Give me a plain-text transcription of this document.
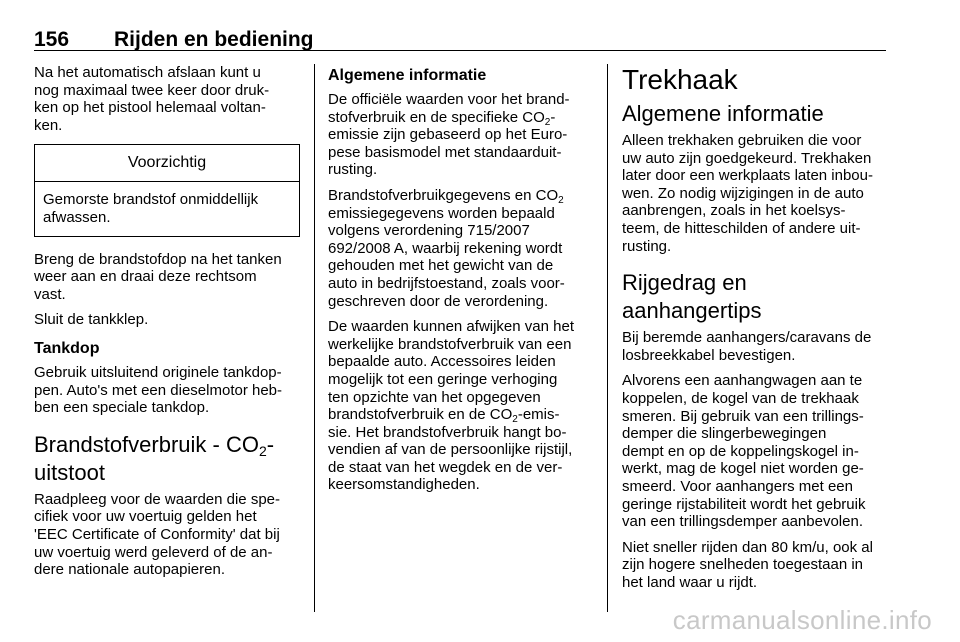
156 Rijden en bediening

Na het automatisch afslaan kunt u
nog maximaal twee keer door druk-
ken op het pistool helemaal voltan-
ken.

Voorzichtig
Gemorste brandstof onmiddellijk
afwassen.

Breng de brandstofdop na het tanken
weer aan en draai deze rechtsom
vast.

Sluit de tankklep.

Tankdop

Gebruik uitsluitend originele tankdop-
pen. Auto's met een dieselmotor heb-
ben een speciale tankdop.

Brandstofverbruik - $CO_2-$
uitstoot

Raadpleeg voor de waarden die spe-
cifiek voor uw voertuig gelden het
'EEC Certificate of Conformity' dat bij
uw voertuig werd geleverd of de an-
dere nationale autopapieren.

Algemene informatie

De officiële waarden voor het brand-
stofverbruik en de specifieke $CO_2-$
emissie zijn gebaseerd op het Euro-
pese basismodel met standaarduit-
rusting.

Brandstofverbruikgegevens en $CO_2$
emissiegegevens worden bepaald
volgens verordening 715/2007
692/2008 A, waarbij rekening wordt
gehouden met het gewicht van de
auto in bedrijfstoestand, zoals voor-
geschreven door de verordening.

De waarden kunnen afwijken van het
werkelijke brandstofverbruik van een
bepaalde auto. Accessoires leiden
mogelijk tot een geringe verhoging
ten opzichte van het opgegeven
brandstofverbruik en de $CO_2-emis-$
sie. Het brandstofverbruik hangt bo-
vendien af van de persoonlijke rijstijl,
de staat van het wegdek en de ver-
keersomstandigheden.

Trekhaak
Algemene informatie

Alleen trekhaken gebruiken die voor
uw auto zijn goedgekeurd. Trekhaken
later door een werkplaats laten inbou-
wen. Zo nodig wijzigingen in de auto
aanbrengen, zoals in het koelsys-
teem, de hitteschilden of andere uit-
rusting.

Rijgedrag en aanhangertips

Bij beremde aanhangers/caravans de
losbreekkabel bevestigen.

Alvorens een aanhangwagen aan te
koppelen, de kogel van de trekhaak
smeren. Bij gebruik van een trillings-
demper die slingerbewegingen
dempt en op de koppelingskogel in-
werkt, mag de kogel niet worden ge-
smeerd. Voor aanhangers met een
geringe rijstabiliteit wordt het gebruik
van een trillingsdemper aanbevolen.

Niet sneller rijden dan 80 km/u, ook al
zijn hogere snelheden toegestaan in
het land waar u rijdt.

carmanualsonline.info
